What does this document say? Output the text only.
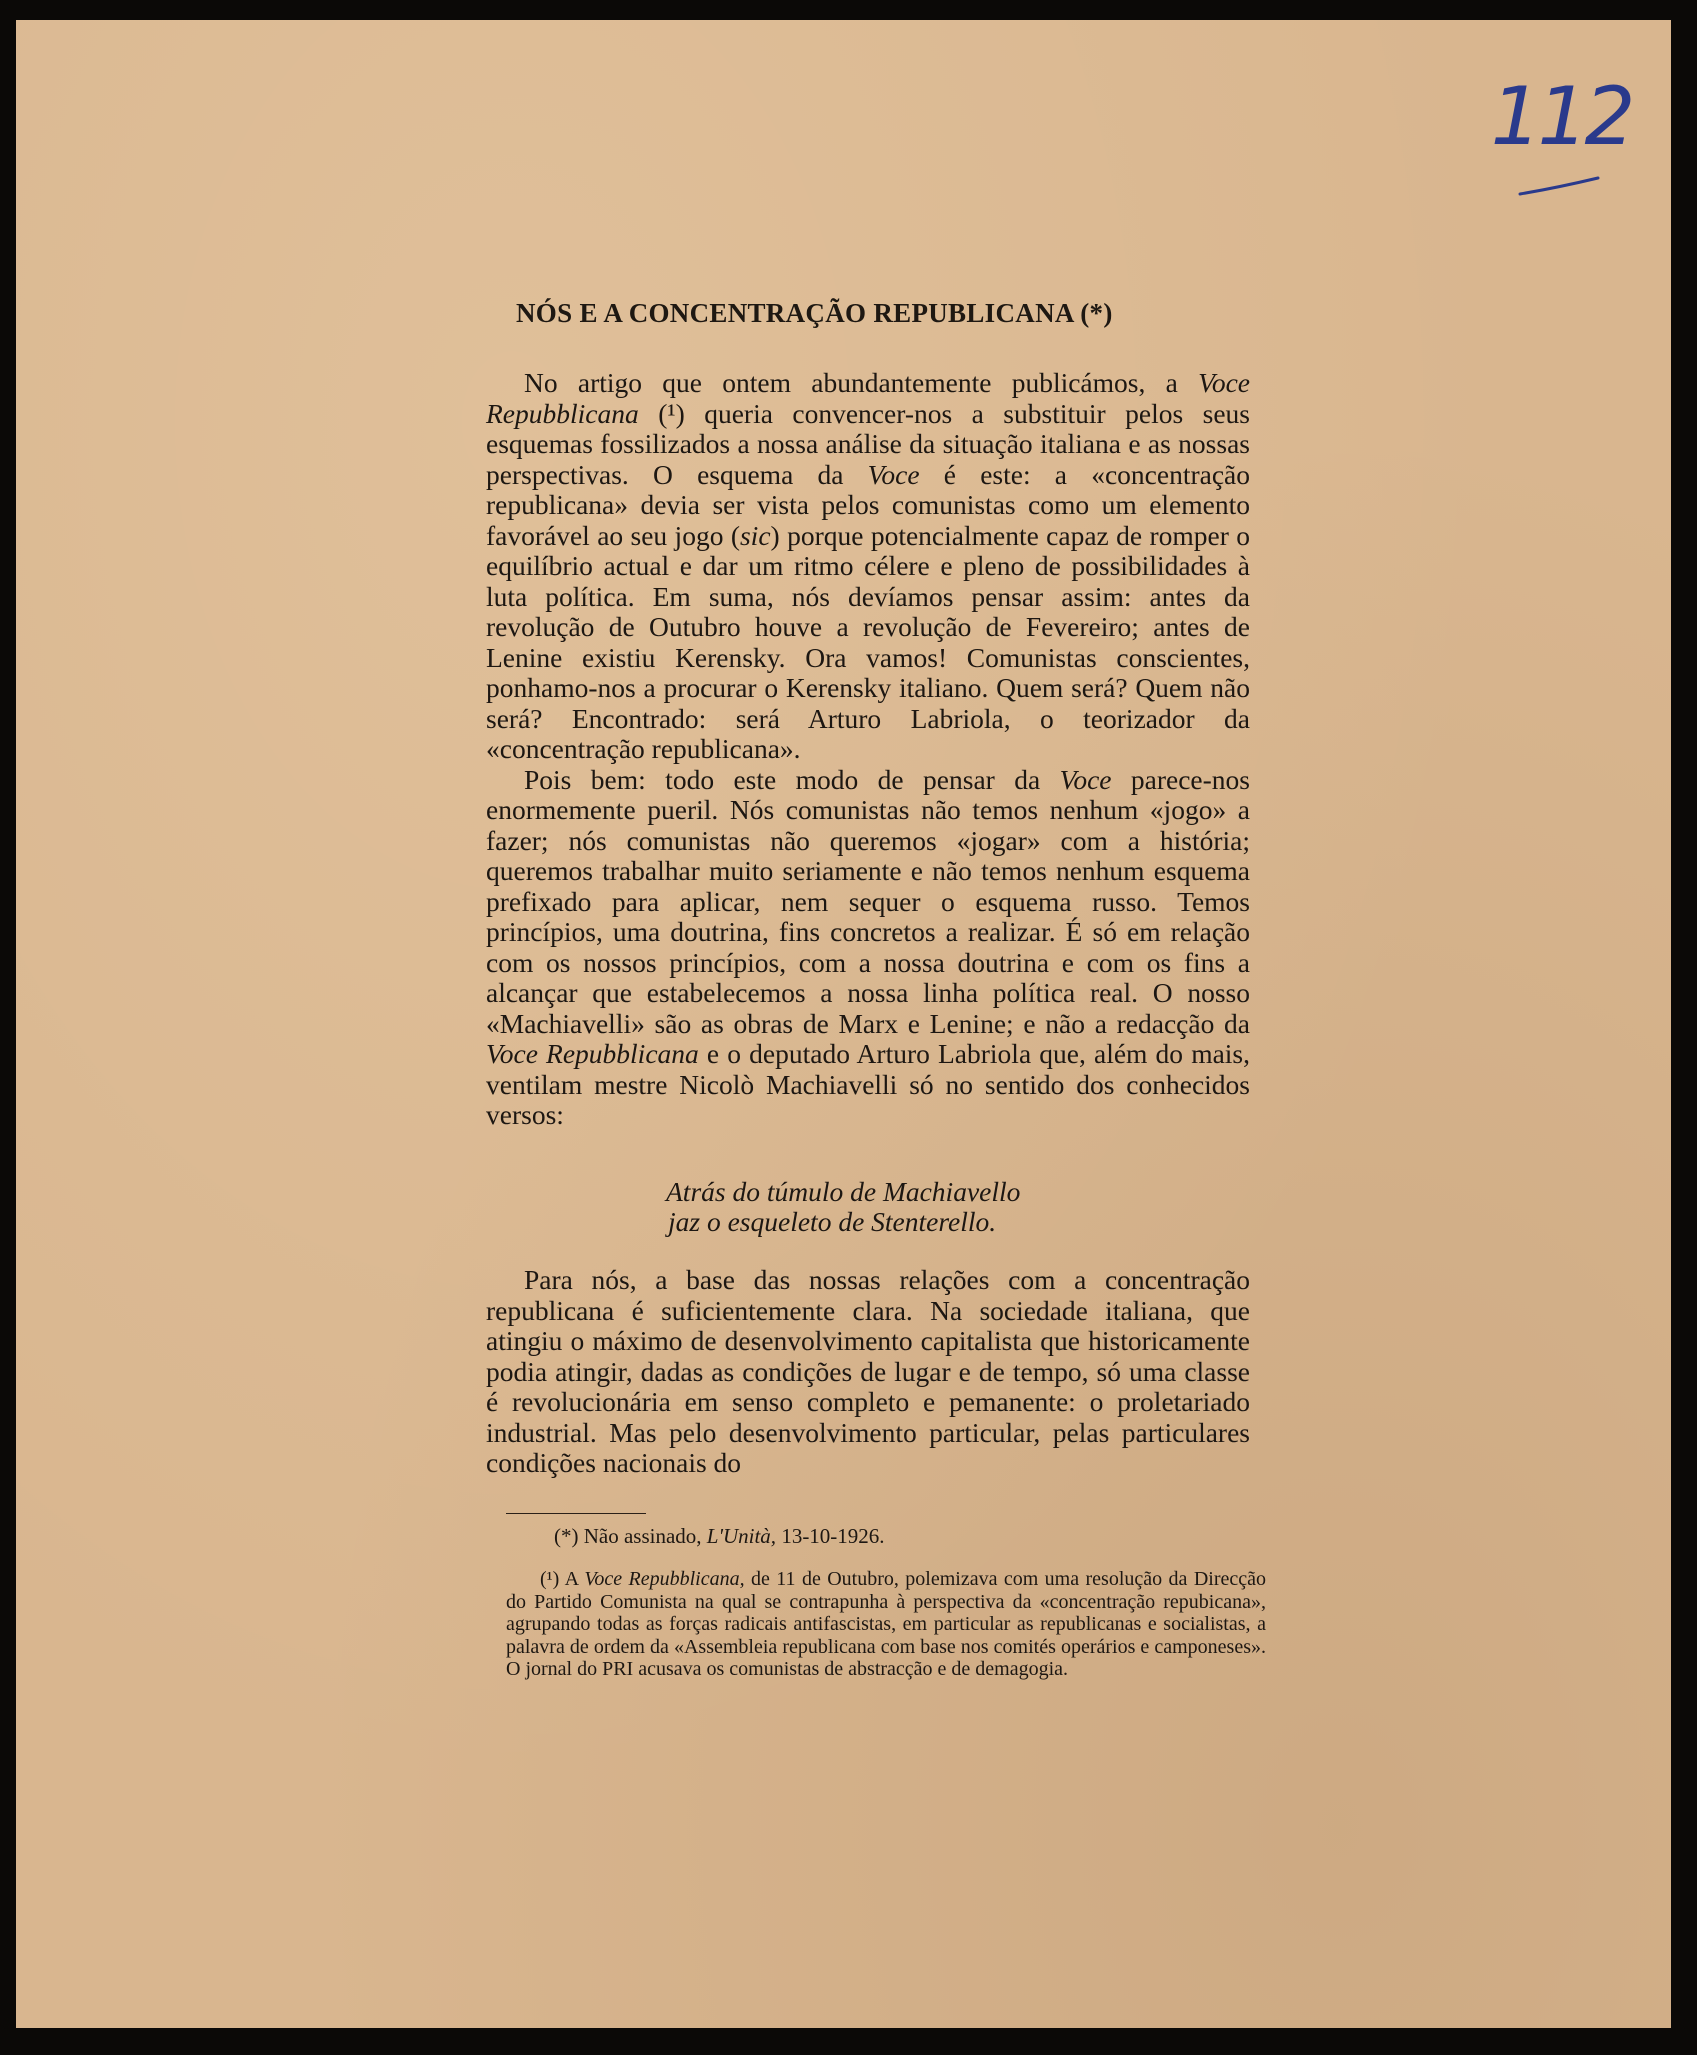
112
NÓS E A CONCENTRAÇÃO REPUBLICANA (*)

No artigo que ontem abundantemente publicámos, a Voce Repubblicana (¹) queria convencer-nos a substituir pelos seus esquemas fossilizados a nossa análise da situação italiana e as nossas perspectivas. O esquema da Voce é este: a «concentração republicana» devia ser vista pelos comunistas como um elemento favorável ao seu jogo (sic) porque potencialmente capaz de romper o equilíbrio actual e dar um ritmo célere e pleno de possibilidades à luta política. Em suma, nós devíamos pensar assim: antes da revolução de Outubro houve a revolução de Fevereiro; antes de Lenine existiu Kerensky. Ora vamos! Comunistas conscientes, ponhamo-nos a procurar o Kerensky italiano. Quem será? Quem não será? Encontrado: será Arturo Labriola, o teorizador da «concentração republicana».

Pois bem: todo este modo de pensar da Voce parece-nos enormemente pueril. Nós comunistas não temos nenhum «jogo» a fazer; nós comunistas não queremos «jogar» com a história; queremos trabalhar muito seriamente e não temos nenhum esquema prefixado para aplicar, nem sequer o esquema russo. Temos princípios, uma doutrina, fins concretos a realizar. É só em relação com os nossos princípios, com a nossa doutrina e com os fins a alcançar que estabelecemos a nossa linha política real. O nosso «Machiavelli» são as obras de Marx e Lenine; e não a redacção da Voce Repubblicana e o deputado Arturo Labriola que, além do mais, ventilam mestre Nicolò Machiavelli só no sentido dos conhecidos versos:

Atrás do túmulo de Machiavello
jaz o esqueleto de Stenterello.

Para nós, a base das nossas relações com a concentração republicana é suficientemente clara. Na sociedade italiana, que atingiu o máximo de desenvolvimento capitalista que historicamente podia atingir, dadas as condições de lugar e de tempo, só uma classe é revolucionária em senso completo e pemanente: o proletariado industrial. Mas pelo desenvolvimento particular, pelas particulares condições nacionais do

(*) Não assinado, L'Unità, 13-10-1926.

(¹) A Voce Repubblicana, de 11 de Outubro, polemizava com uma resolução da Direcção do Partido Comunista na qual se contrapunha à perspectiva da «concentração repubicana», agrupando todas as forças radicais antifascistas, em particular as republicanas e socialistas, a palavra de ordem da «Assembleia republicana com base nos comités operários e camponeses». O jornal do PRI acusava os comunistas de abstracção e de demagogia.
